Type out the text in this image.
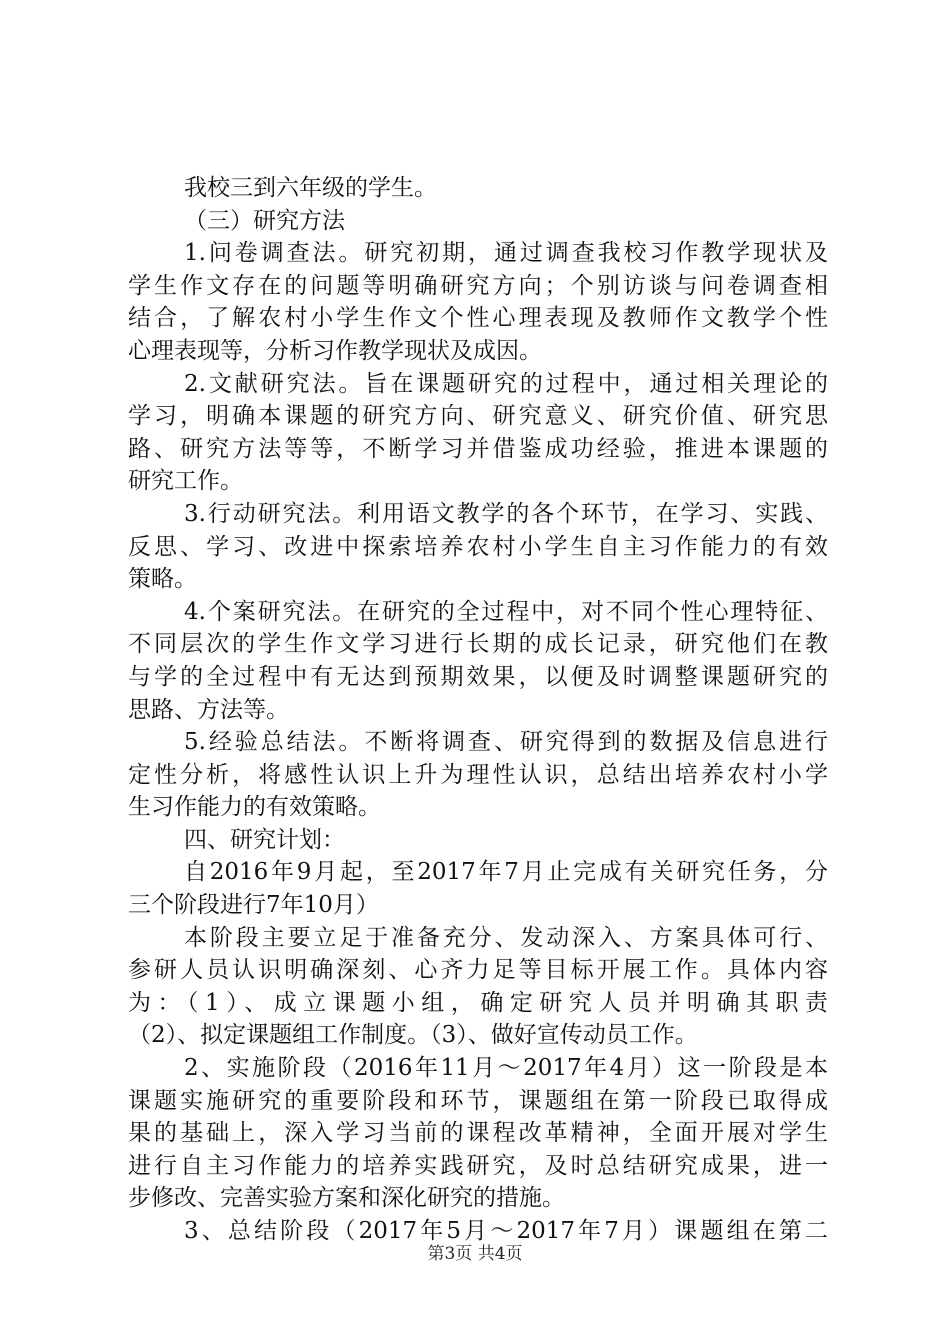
我校三到六年级的学生。
（三）研究方法
1.问卷调查法。研究初期，通过调查我校习作教学现状及
学生作文存在的问题等明确研究方向；个别访谈与问卷调查相
结合，了解农村小学生作文个性心理表现及教师作文教学个性
心理表现等，分析习作教学现状及成因。
2.文献研究法。旨在课题研究的过程中，通过相关理论的
学习，明确本课题的研究方向、研究意义、研究价值、研究思
路、研究方法等等，不断学习并借鉴成功经验，推进本课题的
研究工作。
3.行动研究法。利用语文教学的各个环节，在学习、实践、
反思、学习、改进中探索培养农村小学生自主习作能力的有效
策略。
4.个案研究法。在研究的全过程中，对不同个性心理特征、
不同层次的学生作文学习进行长期的成长记录，研究他们在教
与学的全过程中有无达到预期效果，以便及时调整课题研究的
思路、方法等。
5.经验总结法。不断将调查、研究得到的数据及信息进行
定性分析，将感性认识上升为理性认识，总结出培养农村小学
生习作能力的有效策略。
四、研究计划：
自2016年9月起，至2017年7月止完成有关研究任务，分
三个阶段进行7年10月）
本阶段主要立足于准备充分、发动深入、方案具体可行、
参研人员认识明确深刻、心齐力足等目标开展工作。具体内容
为：（1）、成立课题小组，确定研究人员并明确其职责
（2）、拟定课题组工作制度。（3）、做好宣传动员工作。
2、实施阶段（2016年11月～2017年4月）这一阶段是本
课题实施研究的重要阶段和环节，课题组在第一阶段已取得成
果的基础上，深入学习当前的课程改革精神，全面开展对学生
进行自主习作能力的培养实践研究，及时总结研究成果，进一
步修改、完善实验方案和深化研究的措施。
3、总结阶段（2017年5月～2017年7月）课题组在第二
第3页 共4页
